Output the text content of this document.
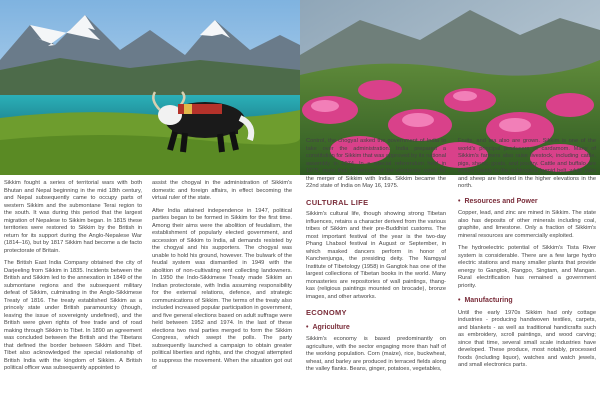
Sikkim fought a series of territorial wars with both Bhutan and Nepal beginning in the mid 18th century, and Nepal subsequently came to occupy parts of western Sikkim and the submontane Terai region to the south. It was during this period that the largest migration of Nepalese to Sikkim began. In 1815 these territories were restored to Sikkim by the British in return for its support during the Anglo-Nepalese War (1814–16), but by 1817 Sikkim had become a de facto protectorate of Britain.

The British East India Company obtained the city of Darjeeling from Sikkim in 1835. Incidents between the British and Sikkim led to the annexation in 1849 of the submontane regions and the subsequent military defeat of Sikkim, culminating in the Anglo-Sikkimese Treaty of 1816. The treaty established Sikkim as a princely state under British paramountcy (though, leaving the issue of sovereignty undefined), and the British were given rights of free trade and of road making through Sikkim to Tibet. In 1890 an agreement was concluded between the British and the Tibetans that defined the border between Sikkim and Tibet. Tibet also acknowledged the special relationship of British India with the kingdom of Sikkim. A British political officer was subsequently appointed to

assist the chogyal in the administration of Sikkim's domestic and foreign affairs, in effect becoming the virtual ruler of the state.

After India attained independence in 1947, political parties began to be formed in Sikkim for the first time. Among their aims were the abolition of feudalism, the establishment of popularly elected government, and accession of Sikkim to India, all demands resisted by the chogyal and his supporters. The chogyal was unable to hold his ground, however. The bulwark of the feudal system was dismantled in 1949 with the abolition of non-cultivating rent collecting landowners. In 1950 the Indo-Sikkimese Treaty made Sikkim an Indian protectorate, with India assuming responsibility for the external relations, defence, and strategic communications of Sikkim. The terms of the treaty also included increased popular participation in government, and five general elections based on adult suffrage were held between 1952 and 1974. In the last of these elections two rival parties merged to form the Sikkim Congress, which swept the polls. The party subsequently launched a campaign to obtain greater political liberties and rights, and the chogyal attempted to suppress the movement. When the situation got out of

Control, the chogyal asked the government of India to take over the administration. India prepared a constitution for Sikkim that was approved by its national assembly in 1974. In a special referendum held in 1975, more that 97 percent of the electorate voted for the merger of Sikkim with India. Sikkim became the 22nd state of India on May 16, 1975.

CULTURAL LIFE

Sikkim's cultural life, though showing strong Tibetan influences, retains a character derived from the various tribes of Sikkim and their pre-Buddhist customs. The most important festival of the year is the two-day Phang Lhabsol festival in August or September, in which masked dancers perform in honor of Kanchenjunga, the presiding deity. The Namgyal Institute of Tibetology (1958) in Gangtok has one of the largest collections of Tibetan books in the world. Many monasteries are repositories of wall paintings, thang-kas (religious paintings mounted on brocade), bronze images, and other artworks.

ECONOMY
• Agriculture

Sikkim's economy is based predominantly on agriculture, with the sector engaging more than half of the working population. Corn (maize), rice, buckwheat, wheat, and barley are produced in terraced fields along the valley flanks. Beans, ginger, potatoes, vegetables,

Fruits, and tea also are grown. Sikkim is one of the world's principal producers of cardamom. Many of Sikkim's farmers also raise livestock, including cattle, pigs, sheep, goats, and poultry. Cattle and buffalo are limited mainly to the subtropical humid belt, while yaks and sheep are herded in the higher elevations in the north.

• Resources and Power

Copper, lead, and zinc are mined in Sikkim. The state also has deposits of other minerals including coal, graphite, and limestone. Only a fraction of Sikkim's mineral resources are commercially exploited.

The hydroelectric potential of Sikkim's Tista River system is considerable. There are a few large hydro electric stations and many smaller plants that provide energy to Gangtok, Rangpo, Singtam, and Mangan. Rural electrification has remained a government priority.

• Manufacturing

Until the early 1970s Sikkim had only cottage industries - producing handwoven textiles, carpets, and blankets - as well as traditional handicrafts such as embroidery, scroll paintings, and wood carving; since that time, several small scale industries have developed. These produce, most notably, processed foods (including liquor), watches and watch jewels, and small electronics parts.
